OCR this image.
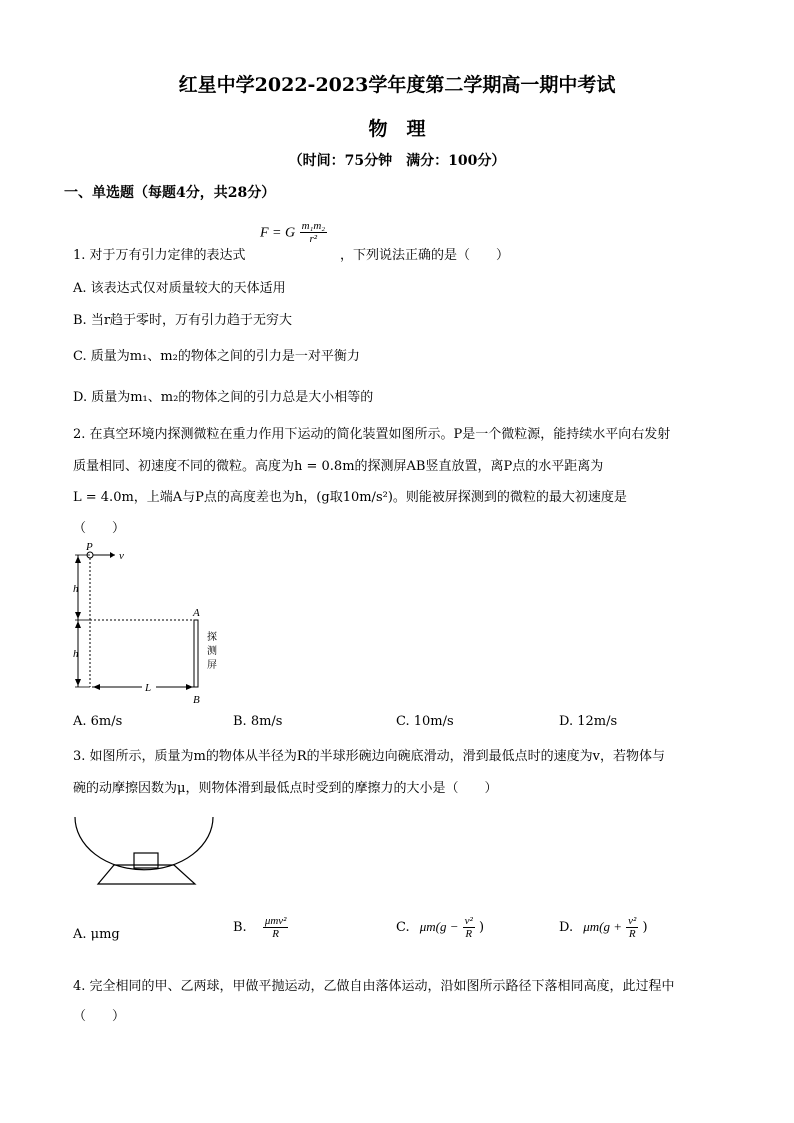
红星中学2022-2023学年度第二学期高一期中考试
物　理
（时间：75分钟　满分：100分）
一、单选题（每题4分，共28分）
1. 对于万有引力定律的表达式
F = G $\frac{\text{m₁m₂}}{\text{r²}}$
，下列说法正确的是（　　）
A. 该表达式仅对质量较大的天体适用
B. 当r趋于零时，万有引力趋于无穷大
C. 质量为m₁、m₂的物体之间的引力是一对平衡力
D. 质量为m₁、m₂的物体之间的引力总是大小相等的
2. 在真空环境内探测微粒在重力作用下运动的简化装置如图所示。P是一个微粒源，能持续水平向右发射
质量相同、初速度不同的微粒。高度为h = 0.8m的探测屏AB竖直放置，离P点的水平距离为
L = 4.0m，上端A与P点的高度差也为h，(g取10m/s²)。则能被屏探测到的微粒的最大初速度是
（　　）
P
v
h
h
A
B
探
测
屏
L
A. 6m/s	B. 8m/s	C. 10m/s	D. 12m/s
3. 如图所示，质量为m的物体从半径为R的半球形碗边向碗底滑动，滑到最低点时的速度为v，若物体与
碗的动摩擦因数为μ，则物体滑到最低点时受到的摩擦力的大小是（　　）
A. μmg	B. $\frac{\text{μmv²}}{R}$	C. $\mu m(g - \frac{\text{v²}}{R}$ )	D. $\mu m(g + \frac{\text{v²}}{R}$ )
4. 完全相同的甲、乙两球，甲做平抛运动，乙做自由落体运动，沿如图所示路径下落相同高度，此过程中
（　　）
